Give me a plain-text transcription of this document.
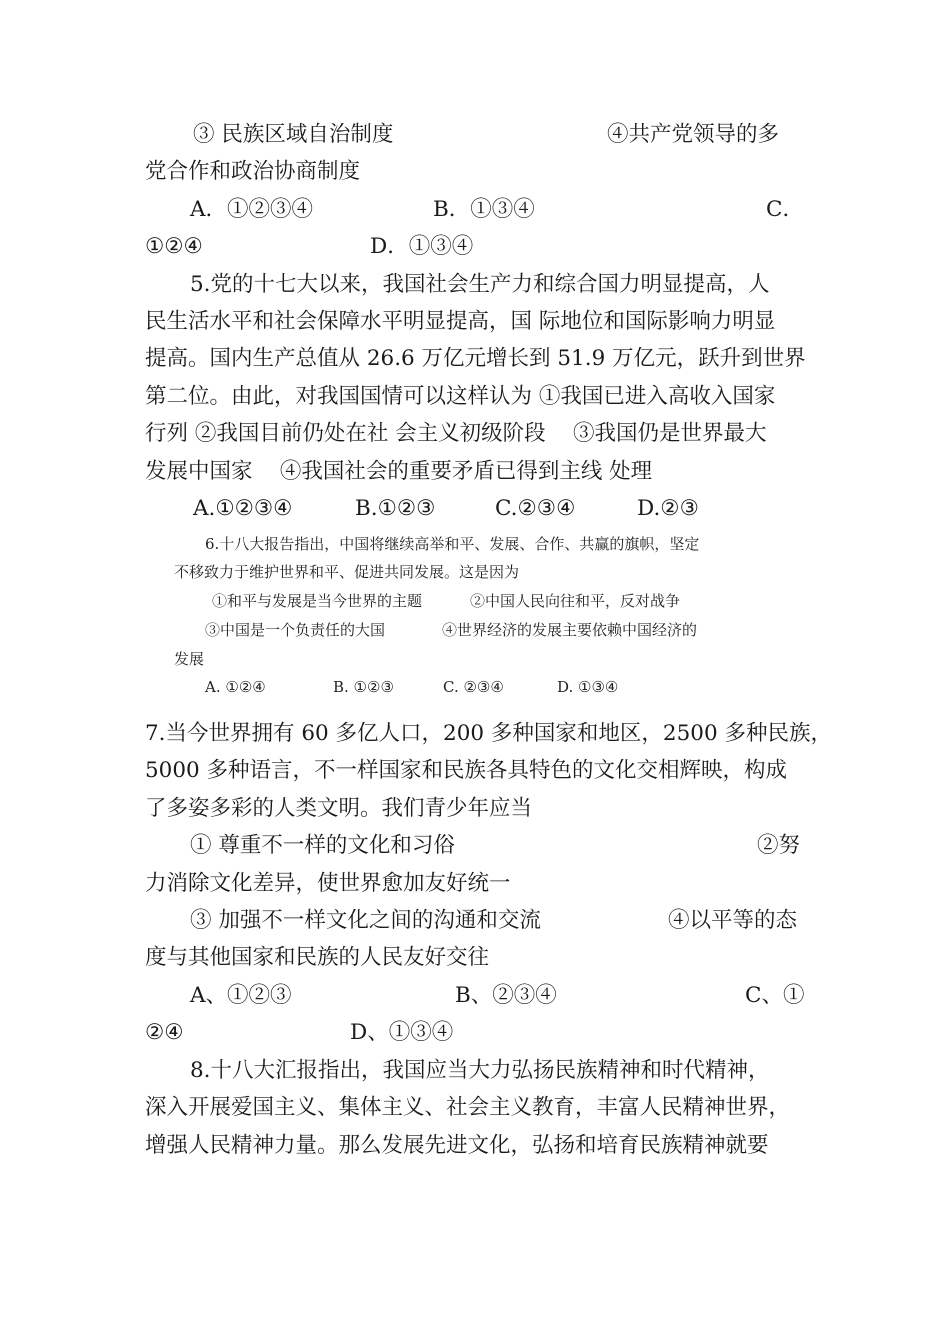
③ 民族区域自治制度	④共产党领导的多
党合作和政治协商制度
A．①②③④	B．①③④	C．
①②④	D．①③④
5.党的十七大以来，我国社会生产力和综合国力明显提高，人
民生活水平和社会保障水平明显提高，国 际地位和国际影响力明显
提高。国内生产总值从 26.6 万亿元增长到 51.9 万亿元，跃升到世界
第二位。由此，对我国国情可以这样认为 ①我国已进入高收入国家
行列 ②我国目前仍处在社 会主义初级阶段    ③我国仍是世界最大
发展中国家    ④我国社会的重要矛盾已得到主线 处理
A.①②③④	B.①②③	C.②③④	D.②③
6.十八大报告指出，中国将继续高举和平、发展、合作、共赢的旗帜，坚定
不移致力于维护世界和平、促进共同发展。这是因为
①和平与发展是当今世界的主题	②中国人民向往和平，反对战争
③中国是一个负责任的大国	④世界经济的发展主要依赖中国经济的
发展
A. ①②④	B. ①②③	C. ②③④	D. ①③④
7.当今世界拥有 60 多亿人口，200 多种国家和地区，2500 多种民族，
5000 多种语言，不一样国家和民族各具特色的文化交相辉映，构成
了多姿多彩的人类文明。我们青少年应当
① 尊重不一样的文化和习俗	②努
力消除文化差异，使世界愈加友好统一
③ 加强不一样文化之间的沟通和交流	④以平等的态
度与其他国家和民族的人民友好交往
A、①②③	B、②③④	C、①
②④	D、①③④
8.十八大汇报指出，我国应当大力弘扬民族精神和时代精神，
深入开展爱国主义、集体主义、社会主义教育，丰富人民精神世界，
增强人民精神力量。那么发展先进文化，弘扬和培育民族精神就要
